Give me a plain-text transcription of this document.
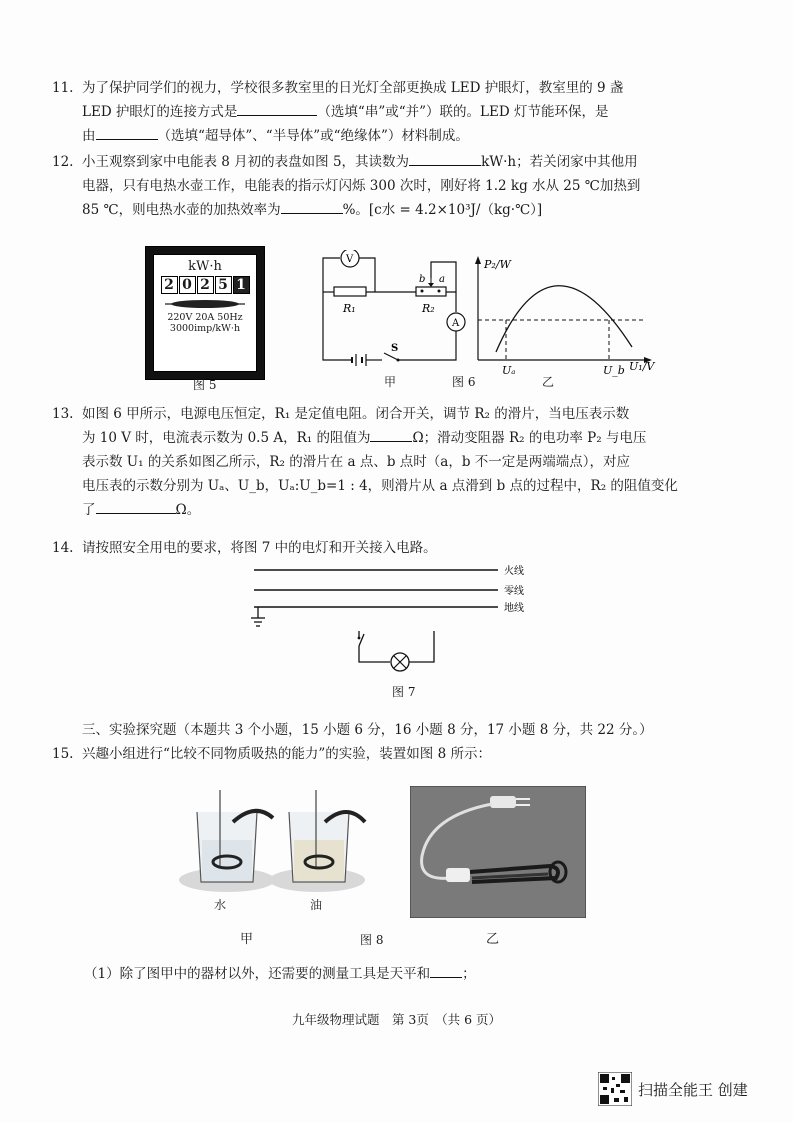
11. 为了保护同学们的视力，学校很多教室里的日光灯全部更换成 LED 护眼灯，教室里的 9 盏

LED 护眼灯的连接方式是	（选填“串”或“并”）联的。LED 灯节能环保，是

由	（选填“超导体”、“半导体”或“绝缘体”）材料制成。

12. 小王观察到家中电能表 8 月初的表盘如图 5，其读数为	kW·h；若关闭家中其他用

电器，只有电热水壶工作，电能表的指示灯闪烁 300 次时，刚好将 1.2 kg 水从 25 ℃加热到

85 ℃，则电热水壶的加热效率为	%。[c水 = 4.2×10³J/（kg·℃）]

kW·h
2 0 2 5 1
220V 20A 50Hz
3000imp/kW·h
图 5
V
A
R₁	R₂
b a
S
甲	图 6
P₂/W
Uₐ	U_b U₁/V
乙

13. 如图 6 甲所示，电源电压恒定，R₁ 是定值电阻。闭合开关，调节 R₂ 的滑片，当电压表示数

为 10 V 时，电流表示数为 0.5 A，R₁ 的阻值为	Ω；滑动变阻器 R₂ 的电功率 P₂ 与电压

表示数 U₁ 的关系如图乙所示，R₂ 的滑片在 a 点、b 点时（a，b 不一定是两端端点），对应

电压表的示数分别为 Uₐ、U_b，Uₐ:U_b=1 : 4，则滑片从 a 点滑到 b 点的过程中，R₂ 的阻值变化

了	Ω。

14. 请按照安全用电的要求，将图 7 中的电灯和开关接入电路。

火线
零线
地线
图 7

三、实验探究题（本题共 3 个小题，15 小题 6 分，16 小题 8 分，17 小题 8 分，共 22 分。）

15. 兴趣小组进行“比较不同物质吸热的能力”的实验，装置如图 8 所示：

水	油
甲	图 8	乙

（1）除了图甲中的器材以外，还需要的测量工具是天平和 ；

九年级物理试题　第 3页　（共 6 页）
扫描全能王 创建
